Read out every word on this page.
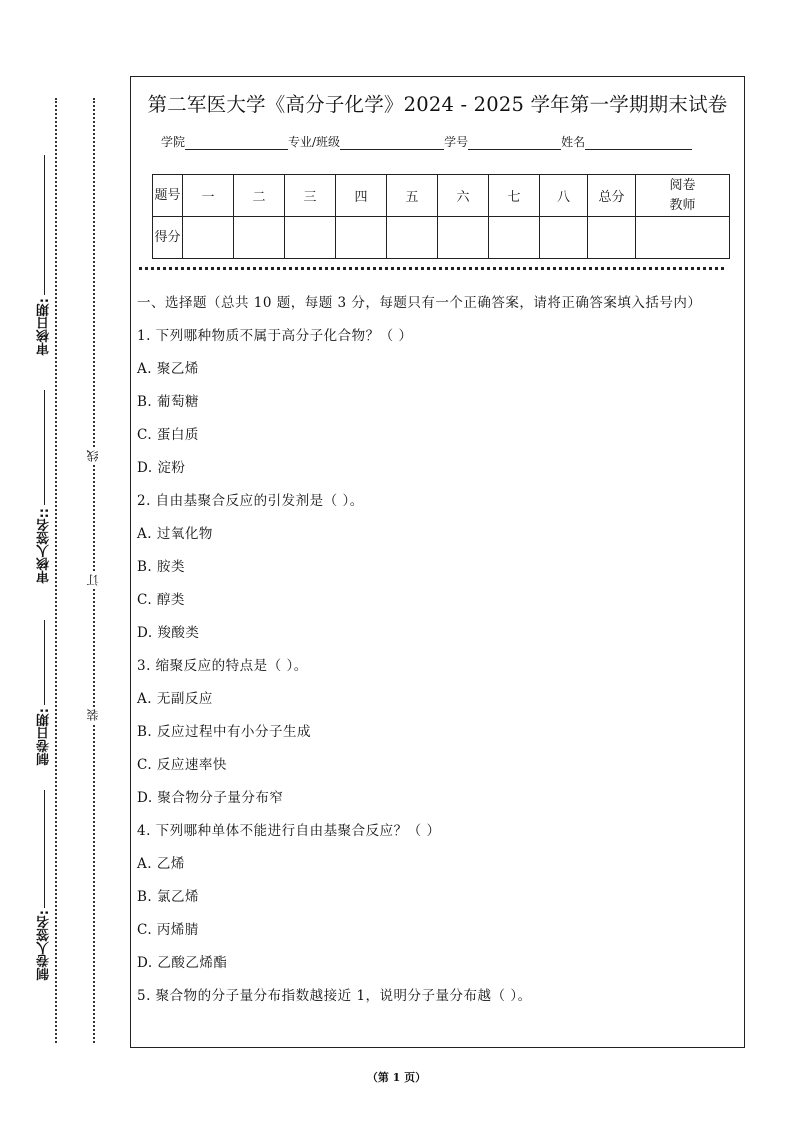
审核日期:
审核人签名::
制卷日期:
制卷人签名:
线
订
装
第二军医大学《高分子化学》2024 - 2025 学年第一学期期末试卷
学院	专业/班级	学号	姓名
题号	一	二	三	四	五	六	七	八	总分	阅卷教师
得分										
一、选择题（总共 10 题，每题 3 分，每题只有一个正确答案，请将正确答案填入括号内）
1. 下列哪种物质不属于高分子化合物？（ ）
A. 聚乙烯
B. 葡萄糖
C. 蛋白质
D. 淀粉
2. 自由基聚合反应的引发剂是（ ）。
A. 过氧化物
B. 胺类
C. 醇类
D. 羧酸类
3. 缩聚反应的特点是（ ）。
A. 无副反应
B. 反应过程中有小分子生成
C. 反应速率快
D. 聚合物分子量分布窄
4. 下列哪种单体不能进行自由基聚合反应？（ ）
A. 乙烯
B. 氯乙烯
C. 丙烯腈
D. 乙酸乙烯酯
5. 聚合物的分子量分布指数越接近 1，说明分子量分布越（ ）。
（第 1 页）
